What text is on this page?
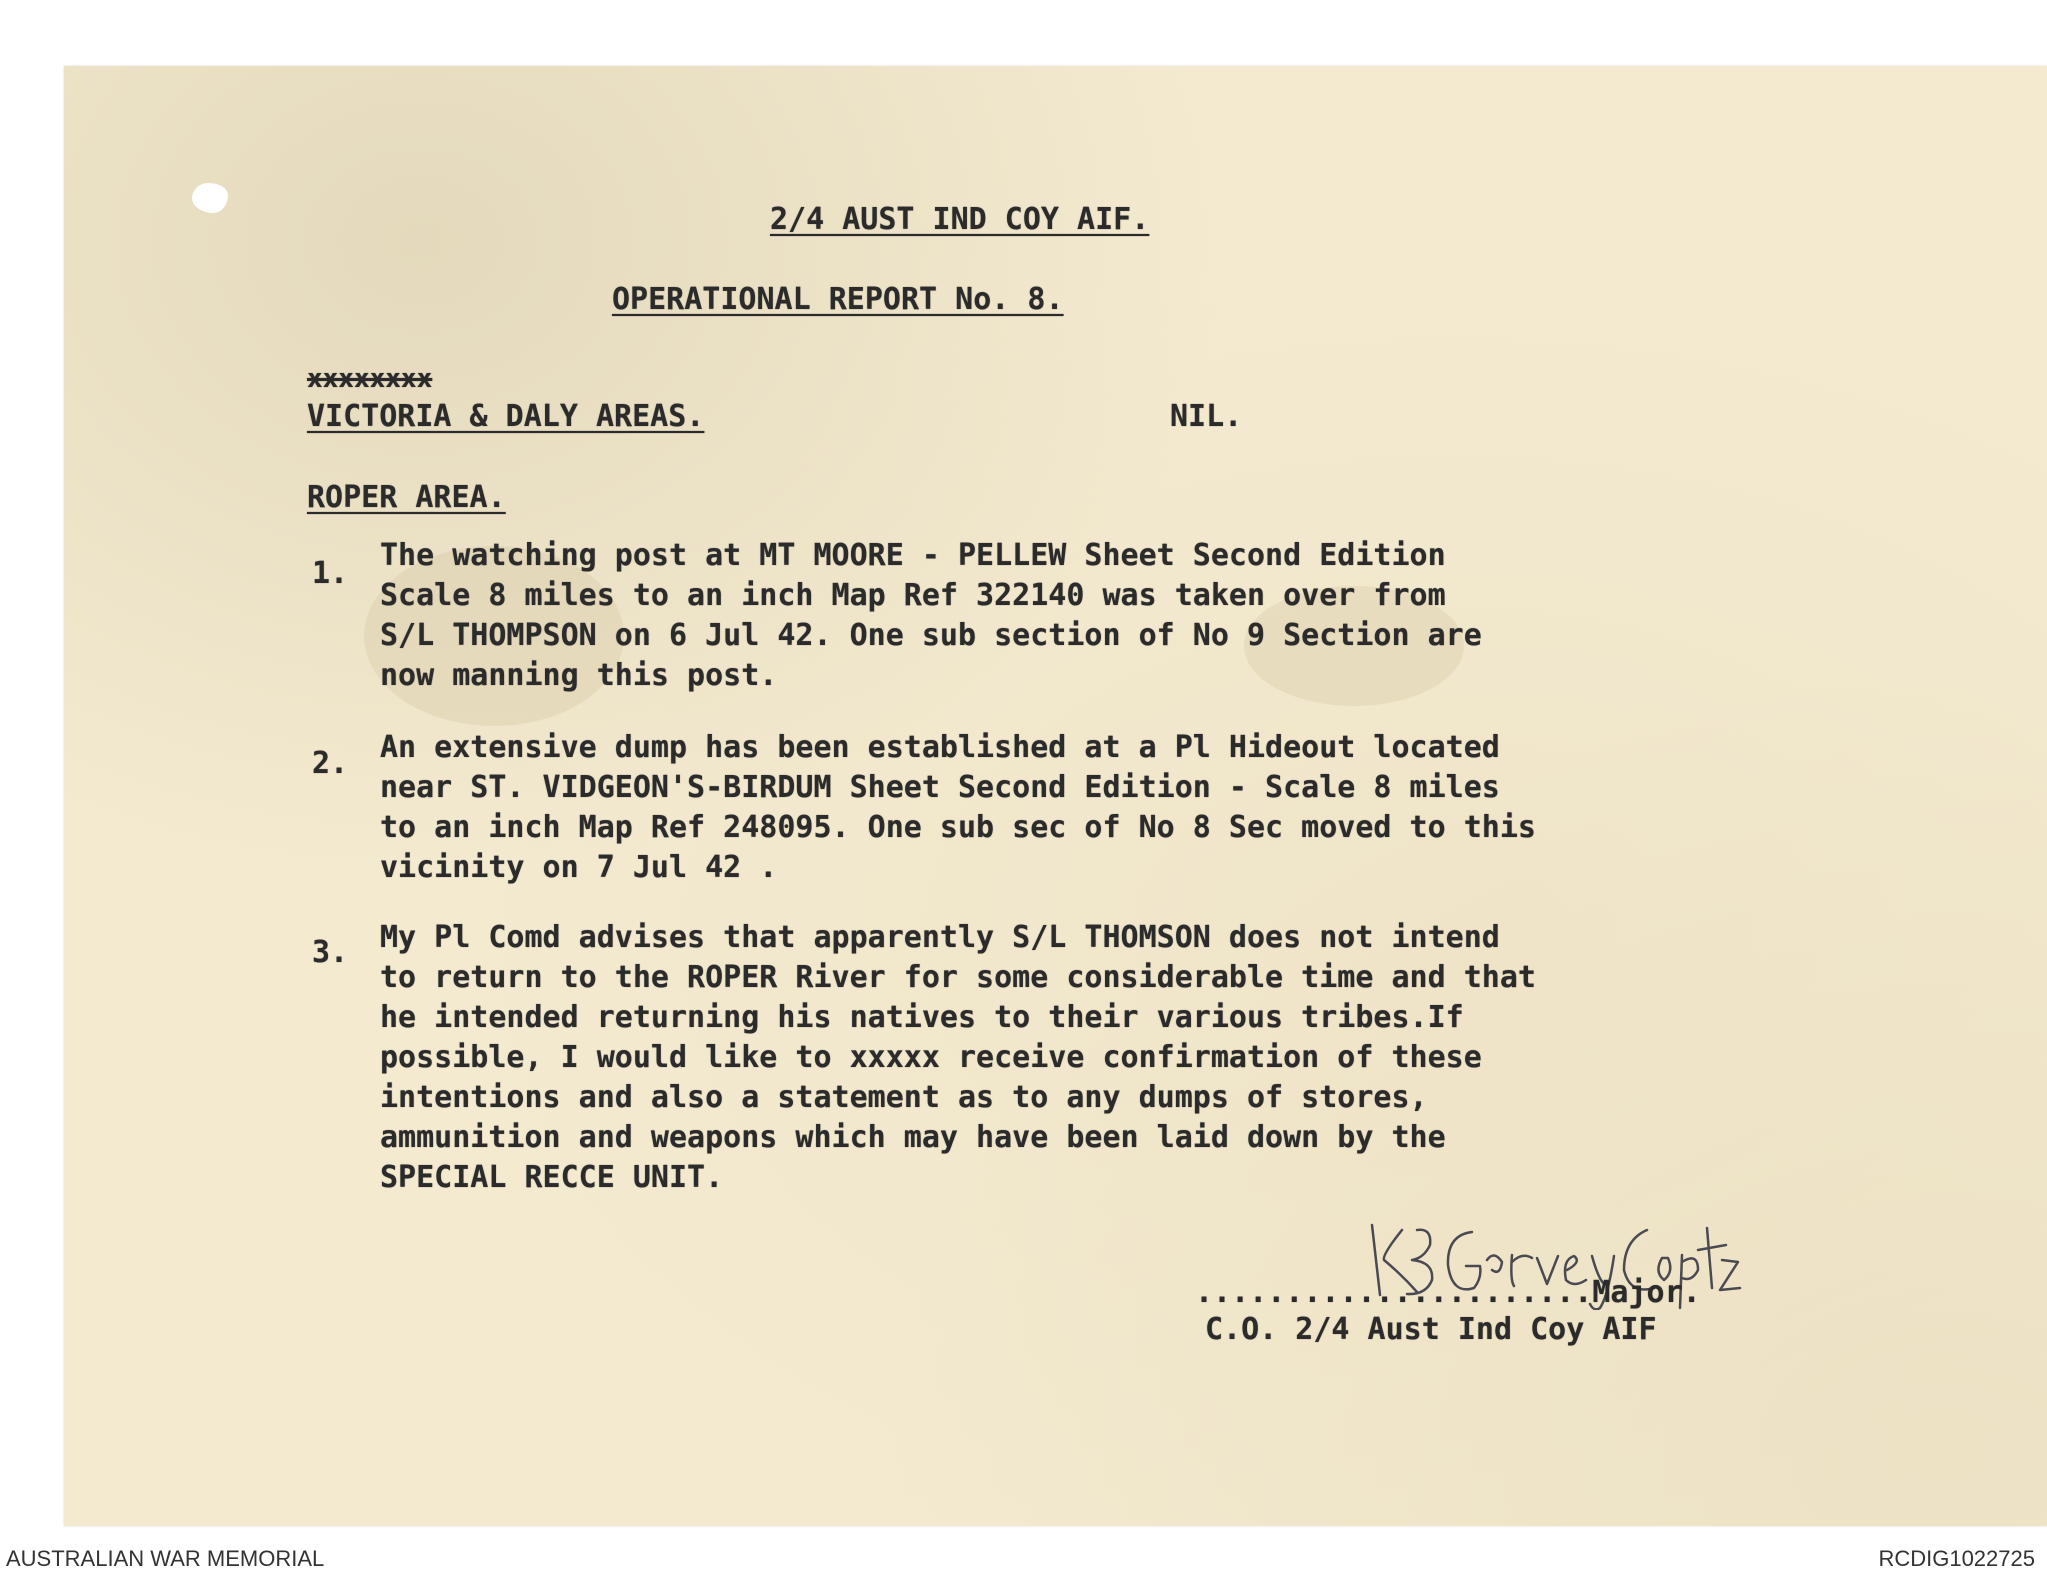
2/4 AUST IND COY AIF.
OPERATIONAL REPORT No. 8.
xxxxxxxx
VICTORIA & DALY AREAS.	NIL.
ROPER AREA.
1.
The watching post at MT MOORE - PELLEW Sheet Second Edition
Scale 8 miles to an inch Map Ref 322140 was taken over from
S/L THOMPSON on 6 Jul 42. One sub section of No 9 Section are
now manning this post.
2. An extensive dump has been established at a Pl Hideout located
near ST. VIDGEON'S-BIRDUM Sheet Second Edition - Scale 8 miles
to an inch Map Ref 248095. One sub sec of No 8 Sec moved to this
vicinity on 7 Jul 42 .
3. My Pl Comd advises that apparently S/L THOMSON does not intend
to return to the ROPER River for some considerable time and that
he intended returning his natives to their various tribes.If
possible, I would like to xxxxx receive confirmation of these
intentions and also a statement as to any dumps of stores,
ammunition and weapons which may have been laid down by the
SPECIAL RECCE UNIT.
......................Major.
C.O. 2/4 Aust Ind Coy AIF
AUSTRALIAN WAR MEMORIAL	RCDIG1022725
